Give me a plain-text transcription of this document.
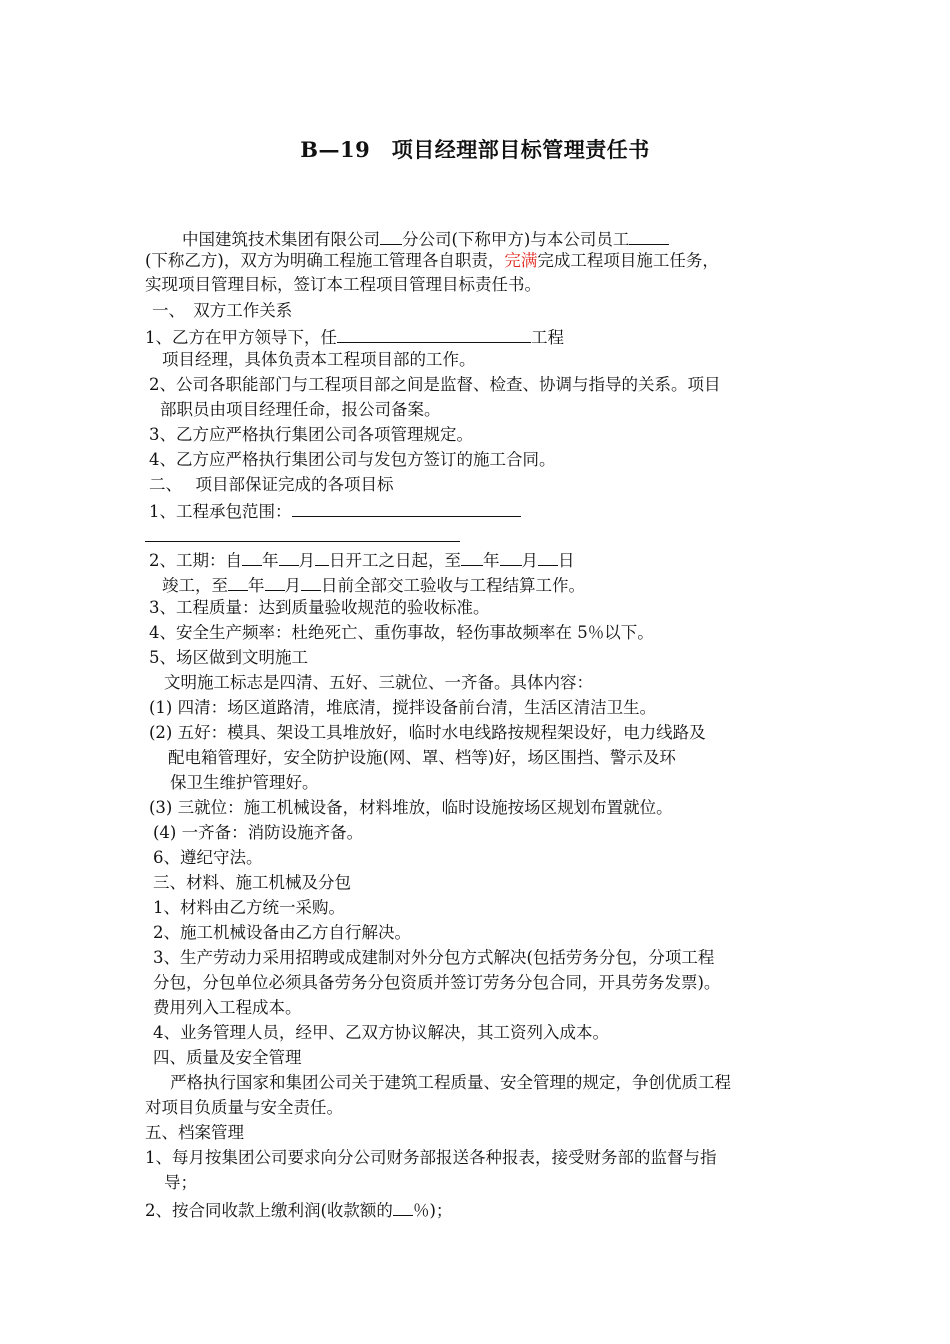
B—19　项目经理部目标管理责任书
中国建筑技术集团有限公司 分公司(下称甲方)与本公司员工
(下称乙方)，双方为明确工程施工管理各自职责，完满完成工程项目施工任务，
实现项目管理目标，签订本工程项目管理目标责任书。
一、　双方工作关系
1、乙方在甲方领导下，任	工程
项目经理，具体负责本工程项目部的工作。
2、公司各职能部门与工程项目部之间是监督、检查、协调与指导的关系。项目
部职员由项目经理任命，报公司备案。
3、乙方应严格执行集团公司各项管理规定。
4、乙方应严格执行集团公司与发包方签订的施工合同。
二、　 项目部保证完成的各项目标
1、工程承包范围：
2、工期：自 年 月 日开工之日起，至 年 月 日
竣工，至 年 月 日前全部交工验收与工程结算工作。
3、工程质量：达到质量验收规范的验收标准。
4、安全生产频率：杜绝死亡、重伤事故，轻伤事故频率在 5％以下。
5、场区做到文明施工
文明施工标志是四清、五好、三就位、一齐备。具体内容：
(1) 四清：场区道路清，堆底清，搅拌设备前台清，生活区清洁卫生。
(2) 五好：模具、架设工具堆放好，临时水电线路按规程架设好，电力线路及
配电箱管理好，安全防护设施(网、罩、档等)好，场区围挡、警示及环
保卫生维护管理好。
(3) 三就位：施工机械设备，材料堆放，临时设施按场区规划布置就位。
(4) 一齐备：消防设施齐备。
6、遵纪守法。
三、材料、施工机械及分包
1、材料由乙方统一采购。
2、施工机械设备由乙方自行解决。
3、生产劳动力采用招聘或成建制对外分包方式解决(包括劳务分包，分项工程
分包，分包单位必须具备劳务分包资质并签订劳务分包合同，开具劳务发票)。
费用列入工程成本。
4、业务管理人员，经甲、乙双方协议解决，其工资列入成本。
四、质量及安全管理
严格执行国家和集团公司关于建筑工程质量、安全管理的规定，争创优质工程
对项目负质量与安全责任。
五、档案管理
1、每月按集团公司要求向分公司财务部报送各种报表，接受财务部的监督与指
导；
2、按合同收款上缴利润(收款额的 ％)；
